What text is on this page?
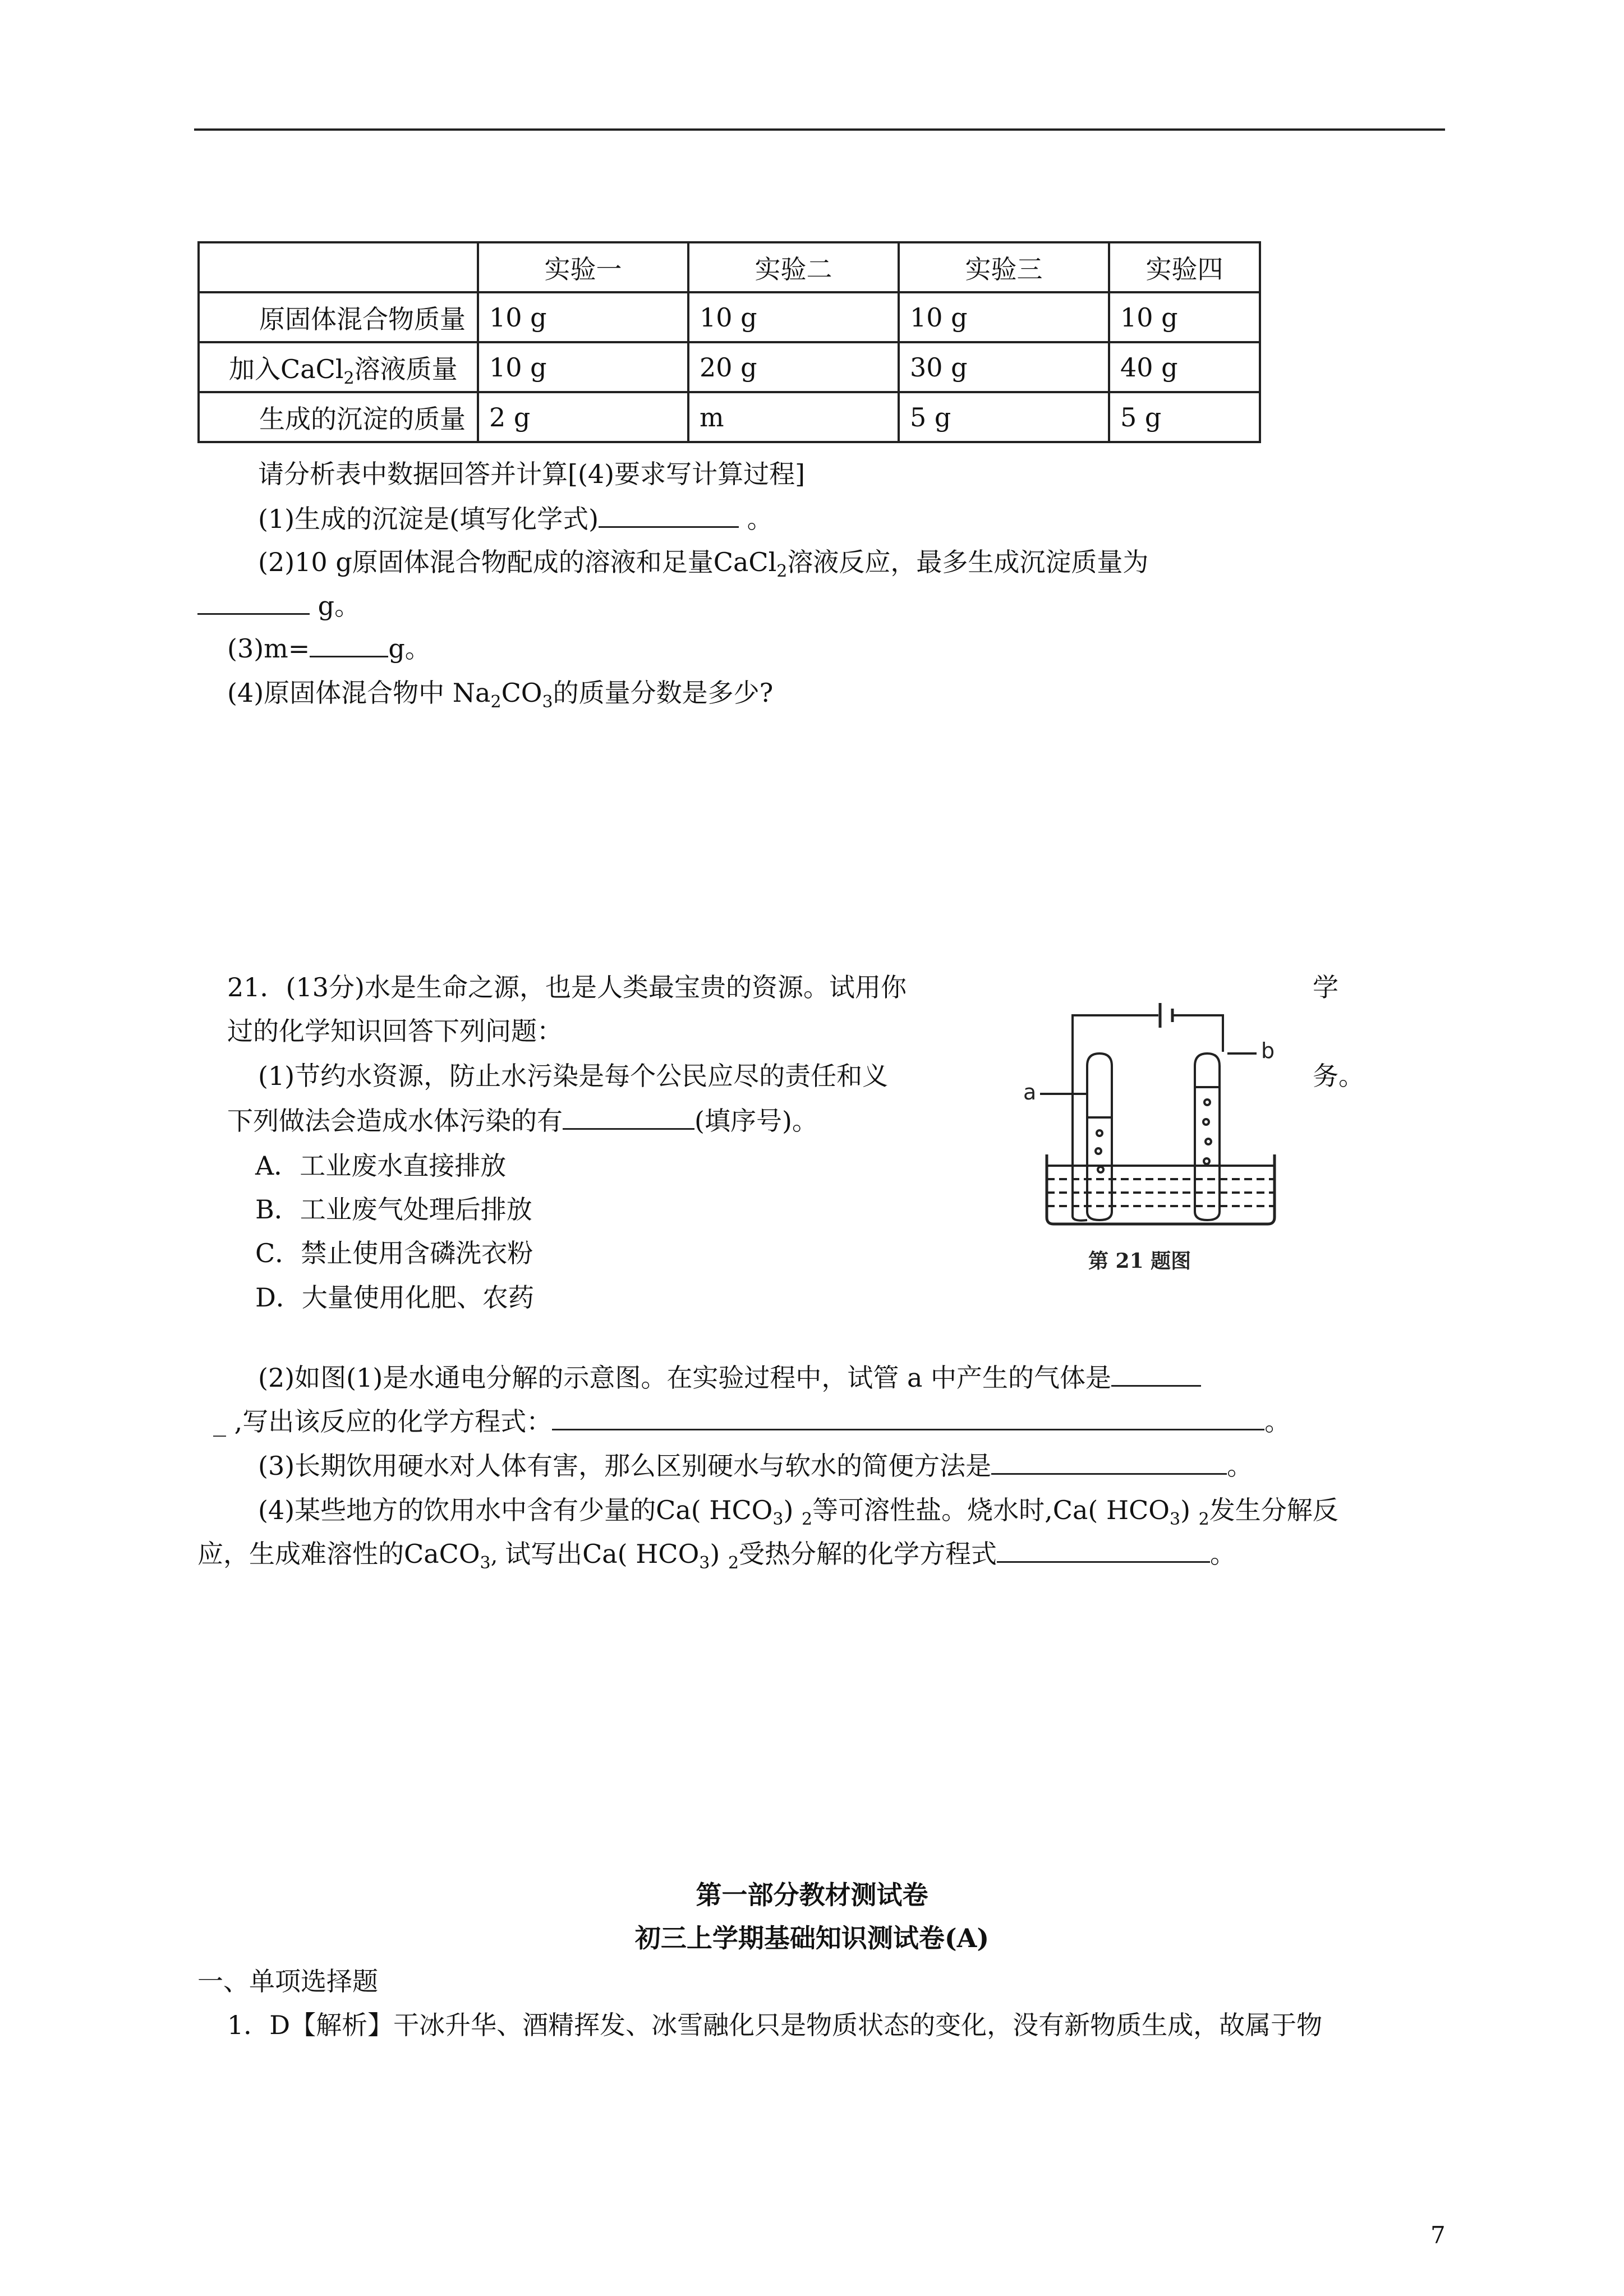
	实验一	实验二	实验三	实验四
原固体混合物质量	10 g	10 g	10 g	10 g
加入CaCl$_2$溶液质量	10 g	20 g	30 g	40 g
生成的沉淀的质量	2 g	m	5 g	5 g
请分析表中数据回答并计算[(4)要求写计算过程]
(1)生成的沉淀是(填写化学式)	。
(2)10 g原固体混合物配成的溶液和足量CaCl$_2$溶液反应，最多生成沉淀质量为
g。
(3)m=	g。
(4)原固体混合物中 $Na_2CO_3$的质量分数是多少?
21．(13分)水是生命之源，也是人类最宝贵的资源。试用你	学
过的化学知识回答下列问题：
(1)节约水资源，防止水污染是每个公民应尽的责任和义	务。
下列做法会造成水体污染的有	(填序号)。
A．工业废水直接排放
B．工业废气处理后排放
C．禁止使用含磷洗衣粉
D．大量使用化肥、农药
a
b
第 21 题图
(2)如图(1)是水通电分解的示意图。在实验过程中，试管 a 中产生的气体是
_ ,写出该反应的化学方程式：	。
(3)长期饮用硬水对人体有害，那么区别硬水与软水的简便方法是	。
(4)某些地方的饮用水中含有少量的Ca( $HCO_3$) $_2$等可溶性盐。烧水时,Ca( $HCO_3$) $_2$发生分解反
应，生成难溶性的CaCO$_3$, 试写出Ca( $HCO_3$) $_2$受热分解的化学方程式	。
第一部分教材测试卷
初三上学期基础知识测试卷(A)
一、单项选择题
1．D【解析】干冰升华、酒精挥发、冰雪融化只是物质状态的变化，没有新物质生成，故属于物
7
